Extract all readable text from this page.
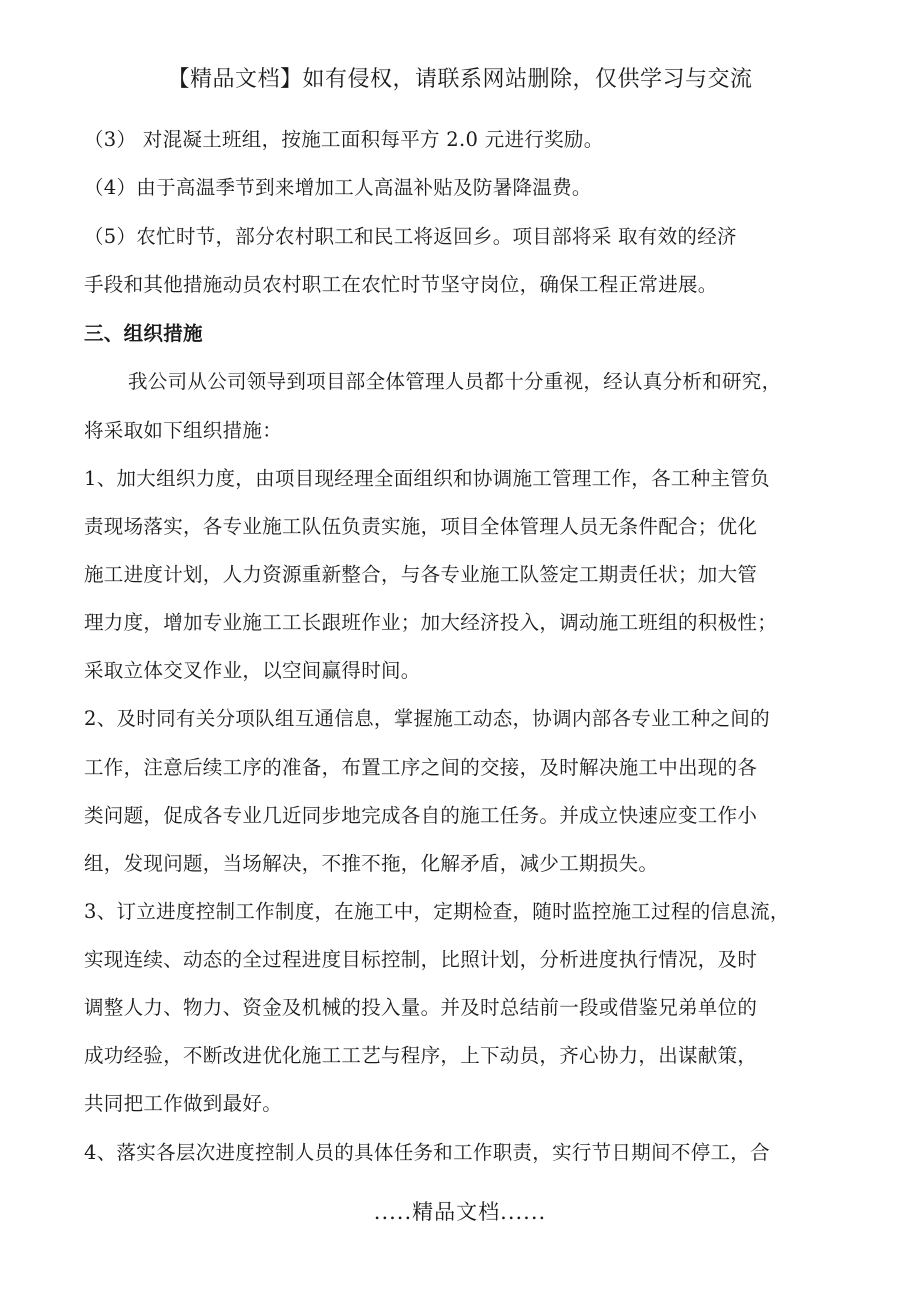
【精品文档】如有侵权，请联系网站删除，仅供学习与交流
（3） 对混凝土班组，按施工面积每平方 2.0 元进行奖励。
（4）由于高温季节到来增加工人高温补贴及防暑降温费。
（5）农忙时节，部分农村职工和民工将返回乡。项目部将采 取有效的经济
手段和其他措施动员农村职工在农忙时节坚守岗位，确保工程正常进展。
三、组织措施
我公司从公司领导到项目部全体管理人员都十分重视，经认真分析和研究，
将采取如下组织措施：
1、加大组织力度，由项目现经理全面组织和协调施工管理工作，各工种主管负
责现场落实，各专业施工队伍负责实施，项目全体管理人员无条件配合；优化
施工进度计划，人力资源重新整合，与各专业施工队签定工期责任状；加大管
理力度，增加专业施工工长跟班作业；加大经济投入，调动施工班组的积极性；
采取立体交叉作业，以空间赢得时间。
2、及时同有关分项队组互通信息，掌握施工动态，协调内部各专业工种之间的
工作，注意后续工序的准备，布置工序之间的交接，及时解决施工中出现的各
类问题，促成各专业几近同步地完成各自的施工任务。并成立快速应变工作小
组，发现问题，当场解决，不推不拖，化解矛盾，减少工期损失。
3、订立进度控制工作制度，在施工中，定期检查，随时监控施工过程的信息流，
实现连续、动态的全过程进度目标控制，比照计划，分析进度执行情况，及时
调整人力、物力、资金及机械的投入量。并及时总结前一段或借鉴兄弟单位的
成功经验，不断改进优化施工工艺与程序，上下动员，齐心协力，出谋献策，
共同把工作做到最好。
4、落实各层次进度控制人员的具体任务和工作职责，实行节日期间不停工，合
.....精品文档......
